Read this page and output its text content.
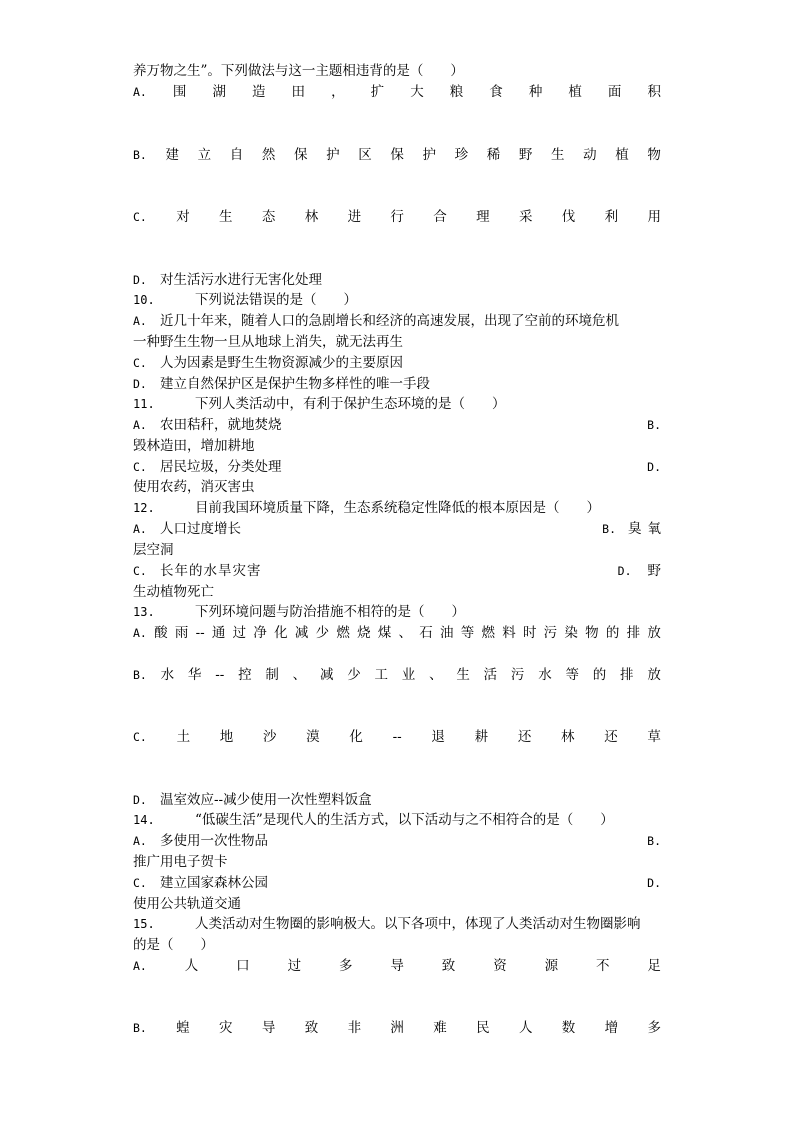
养万物之生”。下列做法与这一主题相违背的是（　　）
A. 围 湖 造 田 ， 扩 大 粮 食 种 植 面 积
B. 建 立 自 然 保 护 区 保 护 珍 稀 野 生 动 植 物
C. 对 生 态 林 进 行 合 理 采 伐 利 用
D. 对生活污水进行无害化处理
10.	下列说法错误的是（　　）
A. 近几十年来，随着人口的急剧增长和经济的高速发展，出现了空前的环境危机
一种野生生物一旦从地球上消失，就无法再生
C. 人为因素是野生生物资源减少的主要原因
D. 建立自然保护区是保护生物多样性的唯一手段
11.	下列人类活动中，有利于保护生态环境的是（　　）
A. 农田秸秆，就地焚烧	B.
毁林造田，增加耕地
C. 居民垃圾，分类处理	D.
使用农药，消灭害虫
12.	目前我国环境质量下降，生态系统稳定性降低的根本原因是（　　）
A. 人口过度增长	B. 臭氧
层空洞
C. 长年的水旱灾害	D. 野
生动植物死亡
13.	下列环境问题与防治措施不相符的是（　　）
A. 酸 雨 -- 通 过 净 化 减 少 燃 烧 煤 、 石 油 等 燃 料 时 污 染 物 的 排 放
B. 水 华 -- 控 制 、 减 少 工 业 、 生 活 污 水 等 的 排 放
C. 土 地 沙 漠 化 -- 退 耕 还 林 还 草
D. 温室效应--减少使用一次性塑料饭盒
14.	“低碳生活”是现代人的生活方式，以下活动与之不相符合的是（　　）
A. 多使用一次性物品	B.
推广用电子贺卡
C. 建立国家森林公园	D.
使用公共轨道交通
15.	人类活动对生物圈的影响极大。以下各项中，体现了人类活动对生物圈影响
的是（　　）
A.	人	口	过	多	导	致	资	源	不	足
B. 蝗 灾 导 致 非 洲 难 民 人 数 增 多
